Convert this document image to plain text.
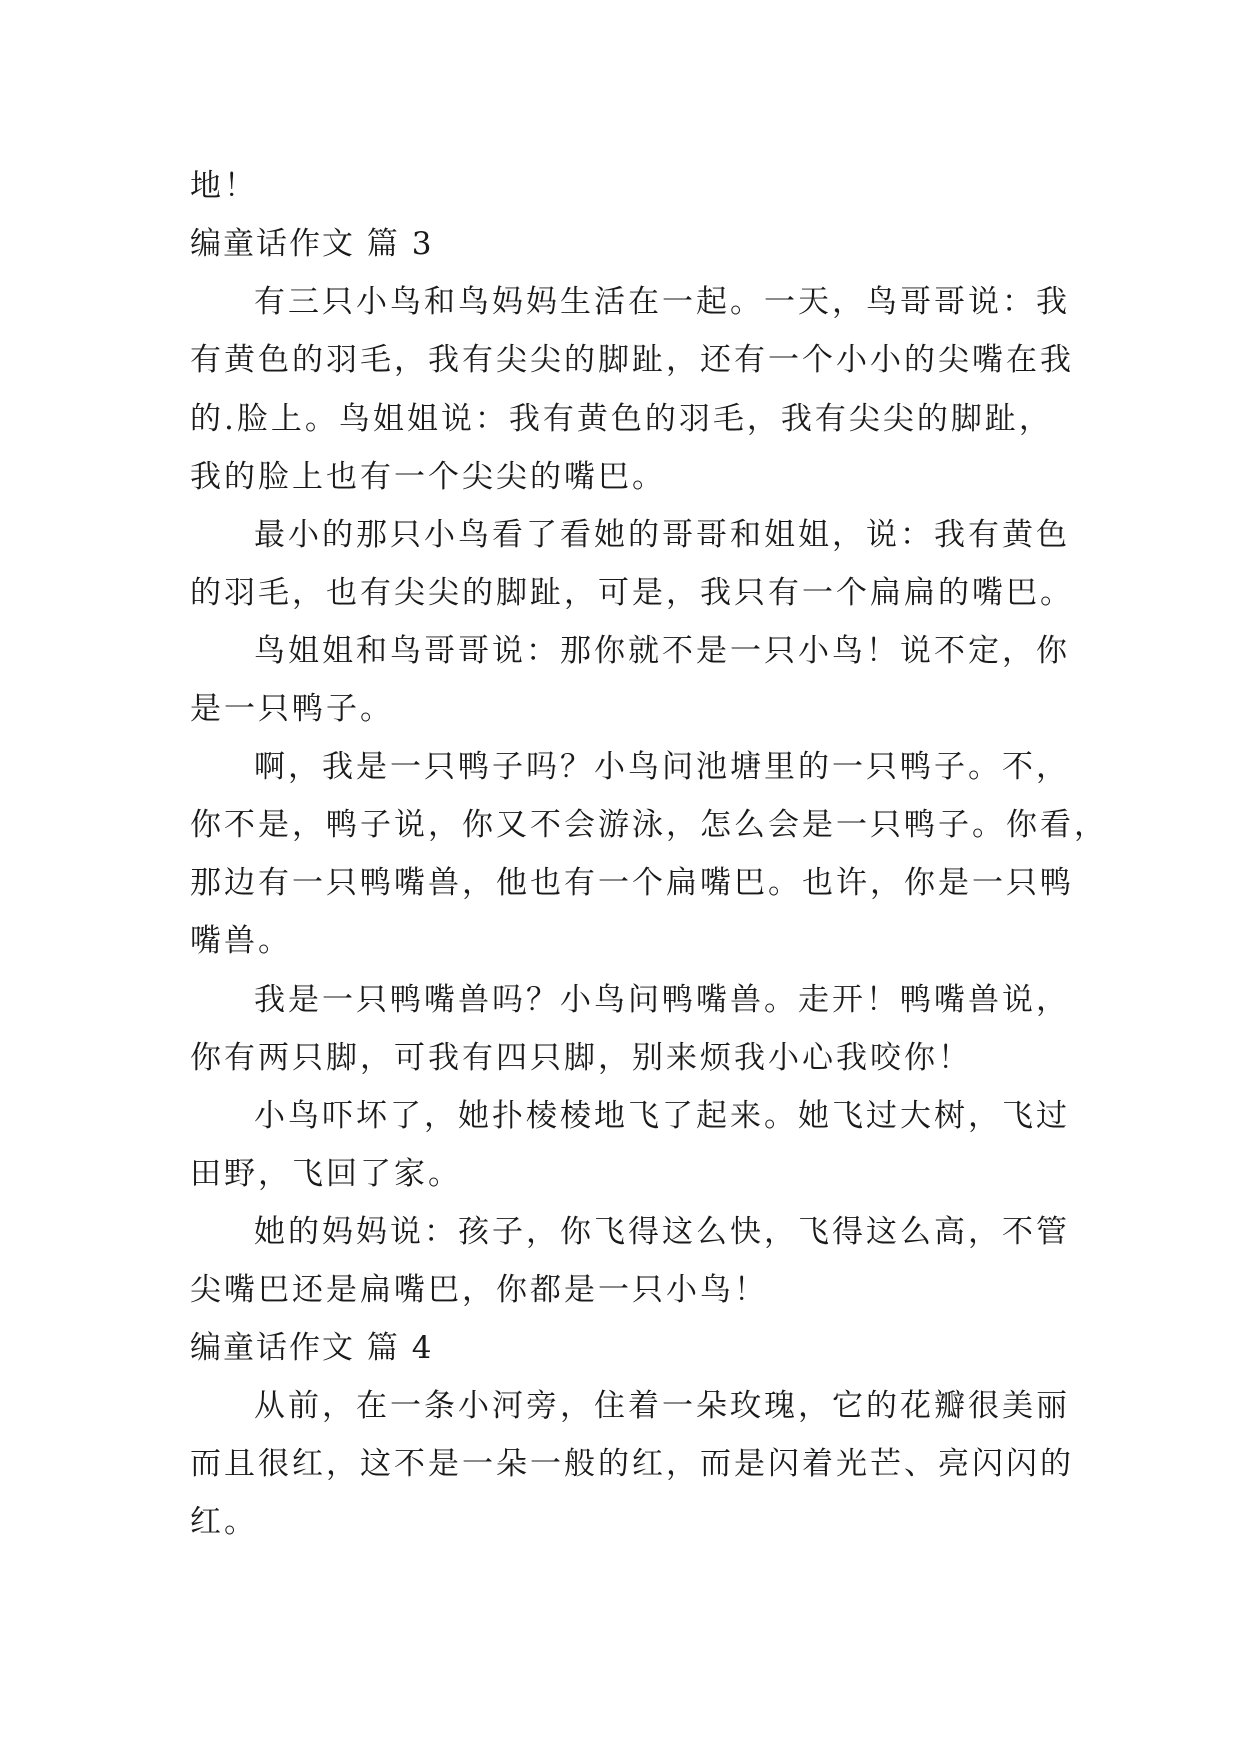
地！
编童话作文 篇 3
有三只小鸟和鸟妈妈生活在一起。一天，鸟哥哥说：我
有黄色的羽毛，我有尖尖的脚趾，还有一个小小的尖嘴在我
的.脸上。鸟姐姐说：我有黄色的羽毛，我有尖尖的脚趾，
我的脸上也有一个尖尖的嘴巴。
最小的那只小鸟看了看她的哥哥和姐姐，说：我有黄色
的羽毛，也有尖尖的脚趾，可是，我只有一个扁扁的嘴巴。
鸟姐姐和鸟哥哥说：那你就不是一只小鸟！说不定，你
是一只鸭子。
啊，我是一只鸭子吗？小鸟问池塘里的一只鸭子。不，
你不是，鸭子说，你又不会游泳，怎么会是一只鸭子。你看，
那边有一只鸭嘴兽，他也有一个扁嘴巴。也许，你是一只鸭
嘴兽。
我是一只鸭嘴兽吗？小鸟问鸭嘴兽。走开！鸭嘴兽说，
你有两只脚，可我有四只脚，别来烦我小心我咬你！
小鸟吓坏了，她扑棱棱地飞了起来。她飞过大树，飞过
田野，飞回了家。
她的妈妈说：孩子，你飞得这么快，飞得这么高，不管
尖嘴巴还是扁嘴巴，你都是一只小鸟！
编童话作文 篇 4
从前，在一条小河旁，住着一朵玫瑰，它的花瓣很美丽
而且很红，这不是一朵一般的红，而是闪着光芒、亮闪闪的
红。
